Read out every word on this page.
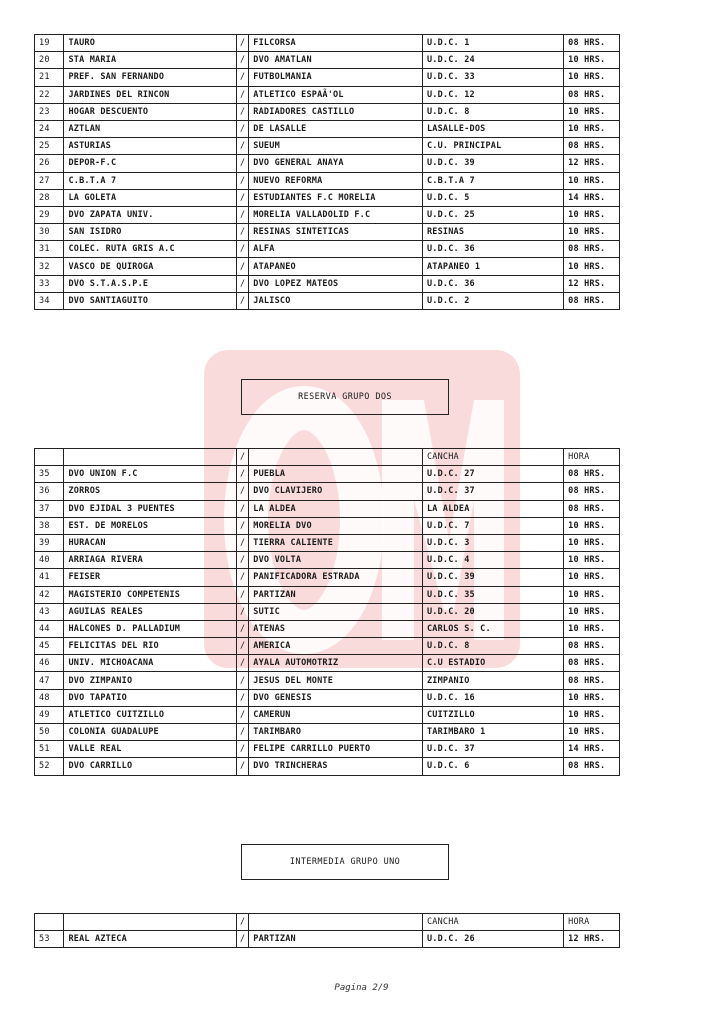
19	TAURO	/	FILCORSA	U.D.C. 1	08 HRS.
20	STA MARIA	/	DVO AMATLAN	U.D.C. 24	10 HRS.
21	PREF. SAN FERNANDO	/	FUTBOLMANIA	U.D.C. 33	10 HRS.
22	JARDINES DEL RINCON	/	ATLETICO ESPAÃ'OL	U.D.C. 12	08 HRS.
23	HOGAR DESCUENTO	/	RADIADORES CASTILLO	U.D.C. 8	10 HRS.
24	AZTLAN	/	DE LASALLE	LASALLE-DOS	10 HRS.
25	ASTURIAS	/	SUEUM	C.U. PRINCIPAL	08 HRS.
26	DEPOR-F.C	/	DVO GENERAL ANAYA	U.D.C. 39	12 HRS.
27	C.B.T.A 7	/	NUEVO REFORMA	C.B.T.A 7	10 HRS.
28	LA GOLETA	/	ESTUDIANTES F.C MORELIA	U.D.C. 5	14 HRS.
29	DVO ZAPATA UNIV.	/	MORELIA VALLADOLID F.C	U.D.C. 25	10 HRS.
30	SAN ISIDRO	/	RESINAS SINTETICAS	RESINAS	10 HRS.
31	COLEC. RUTA GRIS A.C	/	ALFA	U.D.C. 36	08 HRS.
32	VASCO DE QUIROGA	/	ATAPANEO	ATAPANEO 1	10 HRS.
33	DVO S.T.A.S.P.E	/	DVO LOPEZ MATEOS	U.D.C. 36	12 HRS.
34	DVO SANTIAGUITO	/	JALISCO	U.D.C. 2	08 HRS.
RESERVA GRUPO DOS
		/		CANCHA	HORA
35	DVO UNION F.C	/	PUEBLA	U.D.C. 27	08 HRS.
36	ZORROS	/	DVO CLAVIJERO	U.D.C. 37	08 HRS.
37	DVO EJIDAL 3 PUENTES	/	LA ALDEA	LA ALDEA	08 HRS.
38	EST. DE MORELOS	/	MORELIA DVO	U.D.C. 7	10 HRS.
39	HURACAN	/	TIERRA CALIENTE	U.D.C. 3	10 HRS.
40	ARRIAGA RIVERA	/	DVO VOLTA	U.D.C. 4	10 HRS.
41	FEISER	/	PANIFICADORA ESTRADA	U.D.C. 39	10 HRS.
42	MAGISTERIO COMPETENIS	/	PARTIZAN	U.D.C. 35	10 HRS.
43	AGUILAS REALES	/	SUTIC	U.D.C. 20	10 HRS.
44	HALCONES D. PALLADIUM	/	ATENAS	CARLOS S. C.	10 HRS.
45	FELICITAS DEL RIO	/	AMERICA	U.D.C. 8	08 HRS.
46	UNIV. MICHOACANA	/	AYALA AUTOMOTRIZ	C.U ESTADIO	08 HRS.
47	DVO ZIMPANIO	/	JESUS DEL MONTE	ZIMPANIO	08 HRS.
48	DVO TAPATIO	/	DVO GENESIS	U.D.C. 16	10 HRS.
49	ATLETICO CUITZILLO	/	CAMERUN	CUITZILLO	10 HRS.
50	COLONIA GUADALUPE	/	TARIMBARO	TARIMBARO 1	10 HRS.
51	VALLE REAL	/	FELIPE CARRILLO PUERTO	U.D.C. 37	14 HRS.
52	DVO CARRILLO	/	DVO TRINCHERAS	U.D.C. 6	08 HRS.
INTERMEDIA GRUPO UNO
		/		CANCHA	HORA
53	REAL AZTECA	/	PARTIZAN	U.D.C. 26	12 HRS.
Pagina 2/9
